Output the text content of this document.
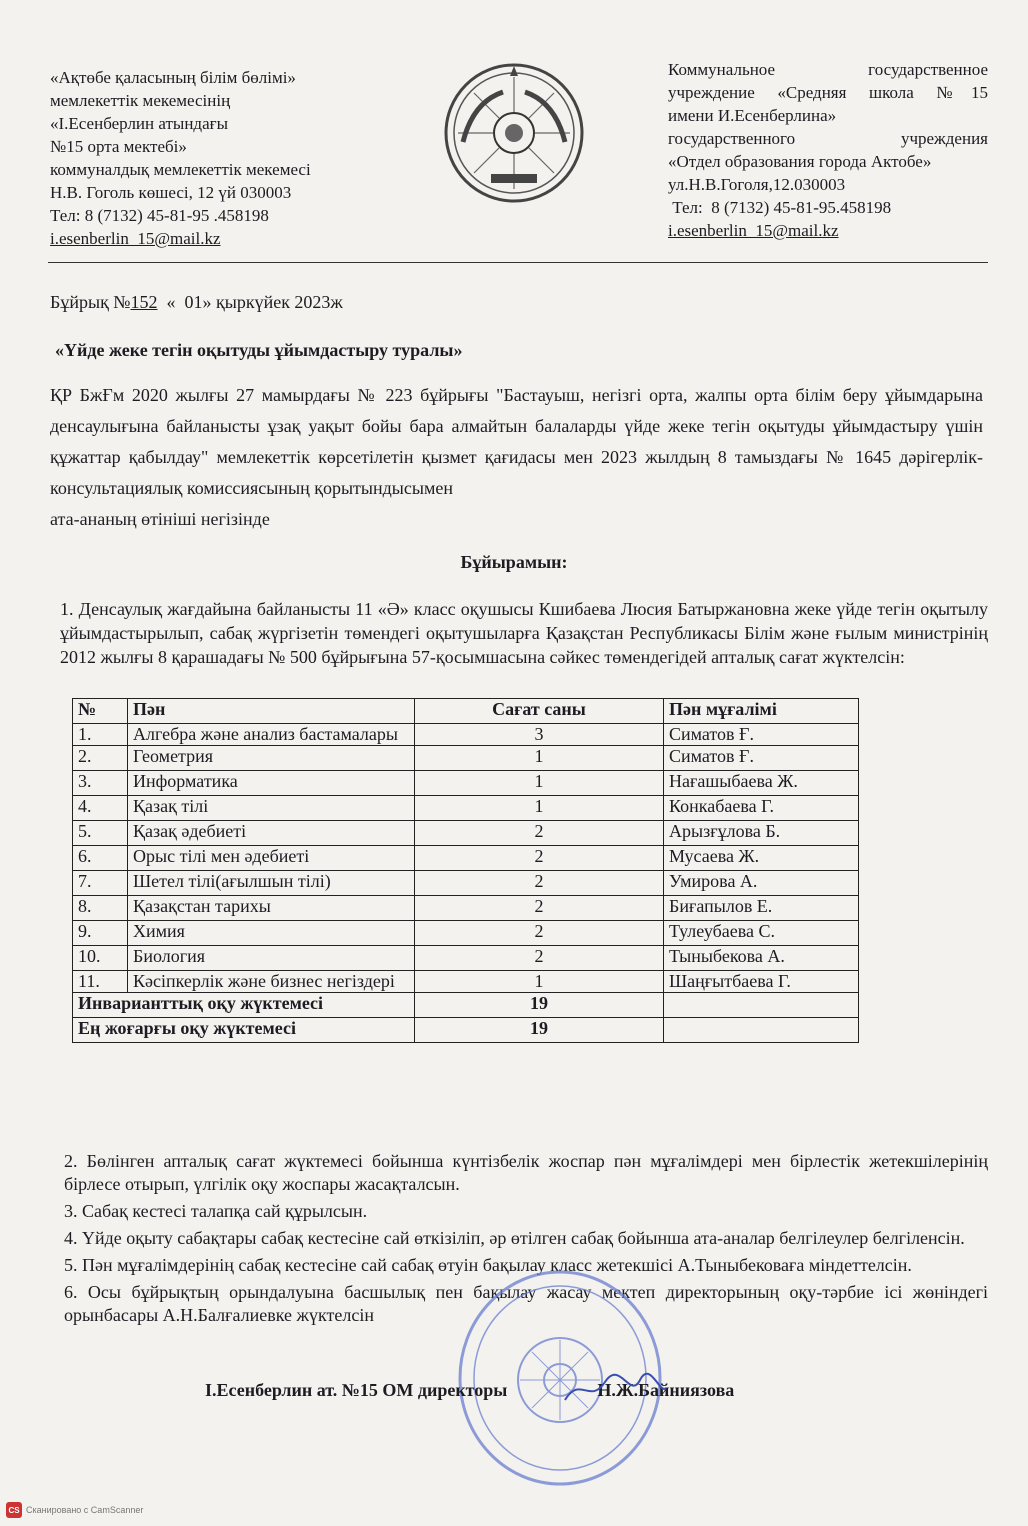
«Ақтөбе қаласының білім бөлімі»
мемлекеттік мекемесінің
«І.Есенберлин атындағы
№15 орта мектебі»
коммуналдық мемлекеттік мекемесі
Н.В. Гоголь көшесі, 12 үй 030003
Тел: 8 (7132) 45-81-95 .458198
i.esenberlin_15@mail.kz
Коммунальное государственное
учреждение «Средняя школа №15
имени И.Есенберлина»
государственного учреждения
«Отдел образования города Актобе»
ул.Н.В.Гоголя,12.030003
Тел:  8 (7132) 45-81-95.458198
i.esenberlin_15@mail.kz
Бұйрық №152  «  01» қыркүйек 2023ж
«Үйде жеке тегін оқытуды ұйымдастыру туралы»
ҚР БжҒм 2020 жылғы 27 мамырдағы № 223 бұйрығы "Бастауыш, негізгі орта, жалпы орта білім беру ұйымдарына денсаулығына байланысты ұзақ уақыт бойы бара алмайтын балаларды үйде жеке тегін оқытуды ұйымдастыру үшін құжаттар қабылдау" мемлекеттік көрсетілетін қызмет қағидасы мен 2023 жылдың 8 тамыздағы № 1645 дәрігерлік-консультациялық комиссиясының қорытындысымен
ата-ананың өтініші негізінде
Бұйырамын:
1. Денсаулық жағдайына байланысты 11 «Ә» класс оқушысы Кшибаева Люсия Батыржановна жеке үйде тегін оқытылу ұйымдастырылып, сабақ жүргізетін төмендегі оқытушыларға Қазақстан Республикасы Білім және ғылым министрінің 2012 жылғы 8 қарашадағы № 500 бұйрығына 57-қосымшасына сәйкес төмендегідей апталық сағат жүктелсін:
№	Пән	Сағат саны	Пән мұғалімі
1.	Алгебра және анализ бастамалары	3	Симатов Ғ.
2.	Геометрия	1	Симатов Ғ.
3.	Информатика	1	Нағашыбаева Ж.
4.	Қазақ тілі	1	Конкабаева Г.
5.	Қазақ әдебиеті	2	Арызғұлова Б.
6.	Орыс тілі мен әдебиеті	2	Мусаева Ж.
7.	Шетел тілі(ағылшын тілі)	2	Умирова А.
8.	Қазақстан тарихы	2	Биғапылов Е.
9.	Химия	2	Тулеубаева С.
10.	Биология	2	Тыныбекова А.
11.	Кәсіпкерлік және бизнес негіздері	1	Шаңғытбаева Г.
Инварианттық оқу жүктемесі		19	
Ең жоғарғы оқу жүктемесі		19	

2. Бөлінген апталық сағат жүктемесі бойынша күнтізбелік жоспар пән мұғалімдері мен бірлестік жетекшілерінің бірлесе отырып, үлгілік оқу жоспары жасақталсын.

3. Сабақ кестесі талапқа сай құрылсын.

4. Үйде оқыту сабақтары сабақ кестесіне сай өткізіліп, әр өтілген сабақ бойынша ата-аналар белгілеулер белгіленсін.

5. Пән мұғалімдерінің сабақ кестесіне сай сабақ өтуін бақылау класс жетекшісі А.Тыныбековаға міндеттелсін.

6. Осы бұйрықтың орындалуына басшылық пен бақылау жасау мектеп директорының оқу-тәрбие ісі жөніндегі орынбасары А.Н.Балғалиевке жүктелсін

І.Есенберлин ат. №15 ОМ директоры                    Н.Ж.Байниязова
CS Сканировано с CamScanner
